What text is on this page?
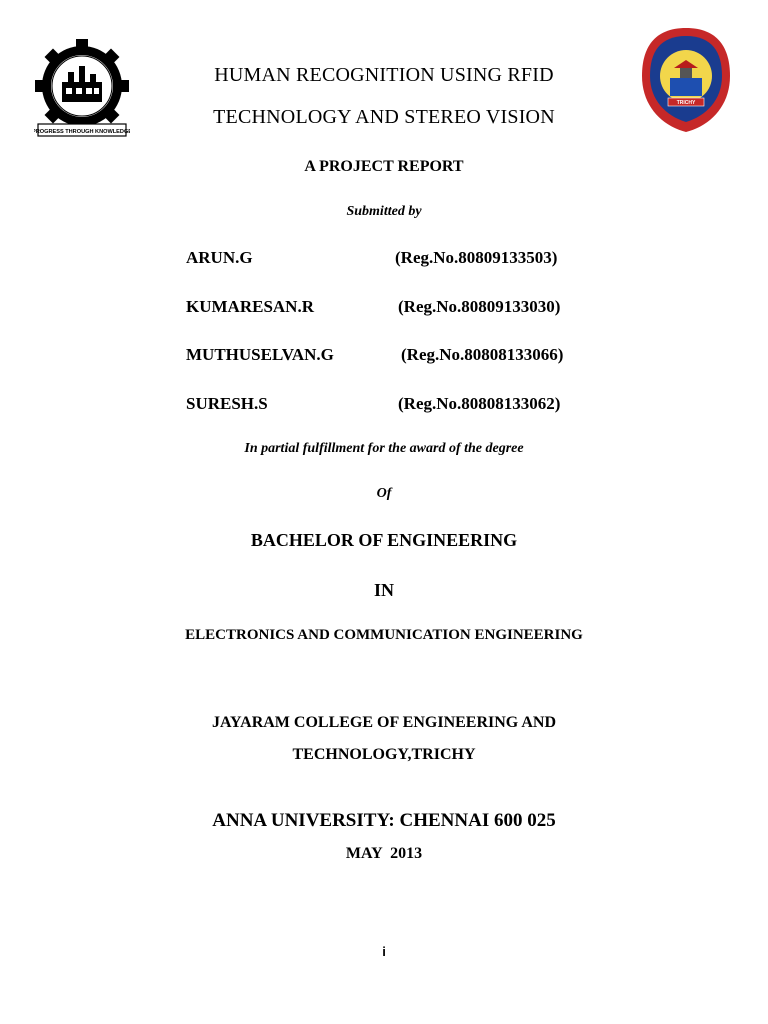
PROGRESS THROUGH KNOWLEDGE
TRICHY
HUMAN RECOGNITION USING RFID
TECHNOLOGY AND STEREO VISION
A PROJECT REPORT
Submitted by
ARUN.G	(Reg.No.80809133503)
KUMARESAN.R	(Reg.No.80809133030)
MUTHUSELVAN.G	(Reg.No.80808133066)
SURESH.S	(Reg.No.80808133062)
In partial fulfillment for the award of the degree
Of
BACHELOR OF ENGINEERING
IN
ELECTRONICS AND COMMUNICATION ENGINEERING
JAYARAM COLLEGE OF ENGINEERING AND
TECHNOLOGY,TRICHY
ANNA UNIVERSITY: CHENNAI 600 025
MAY  2013
i
